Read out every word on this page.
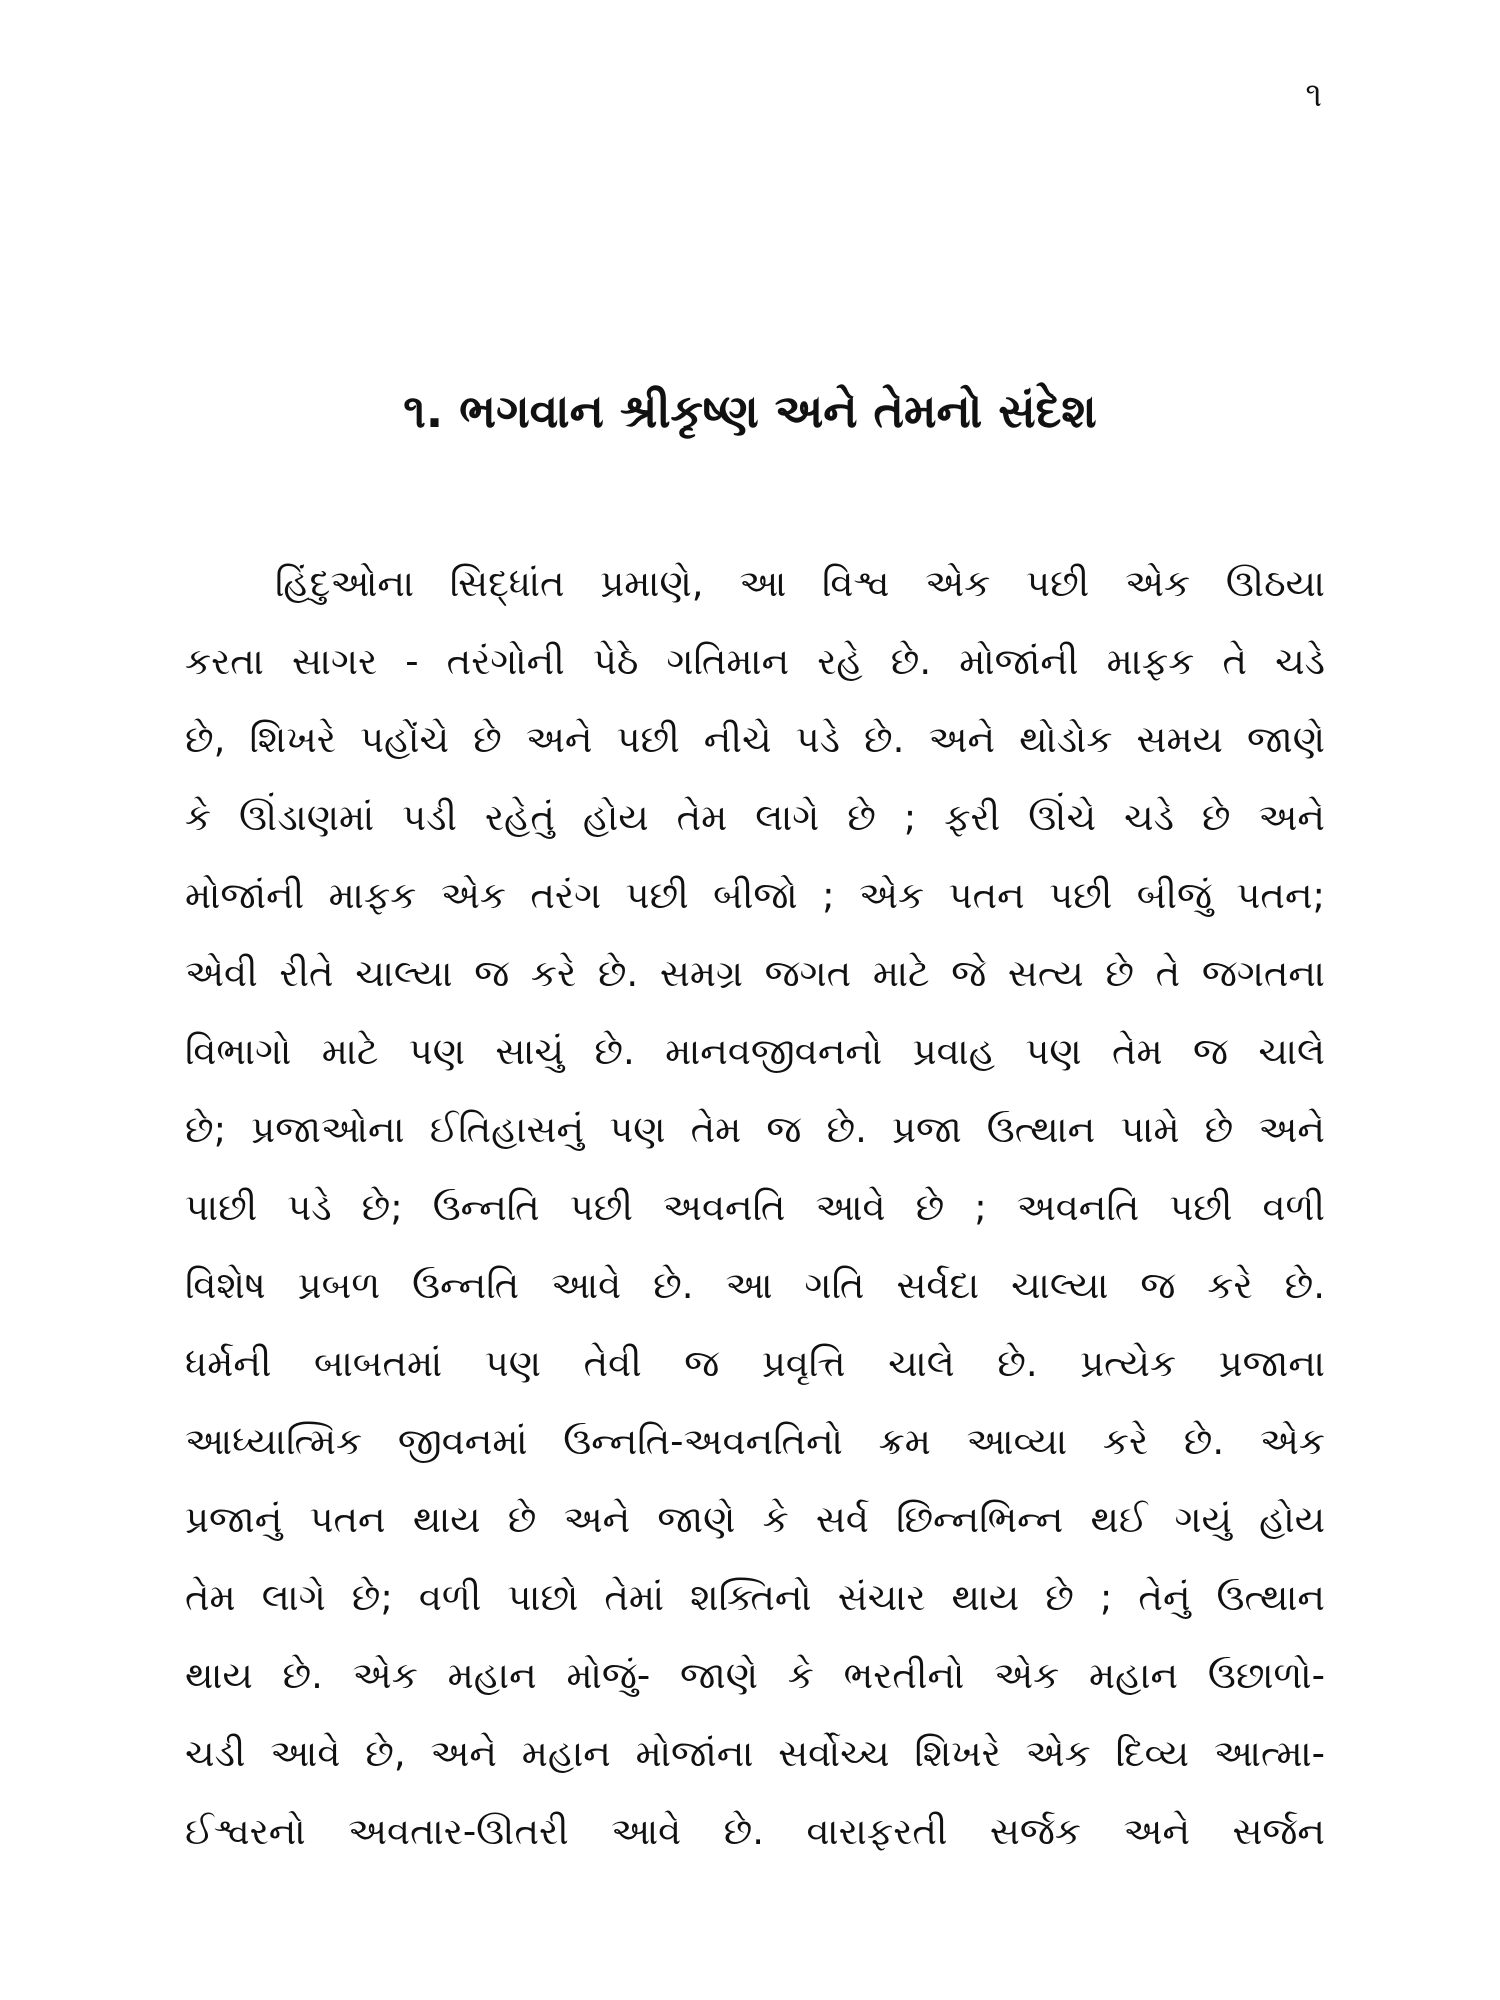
૧
૧. ભગવાન શ્રીકૃષ્ણ અને તેમનો સંદેશ

હિંદુઓના સિદ્ધાંત પ્રમાણે, આ વિશ્વ એક પછી એક ઊઠયા

કરતા સાગર - તરંગોની પેઠે ગતિમાન રહે છે. મોજાંની માફક તે ચડે

છે, શિખરે પહોંચે છે અને પછી નીચે પડે છે. અને થોડોક સમય જાણે

કે ઊંડાણમાં પડી રહેતું હોય તેમ લાગે છે ; ફરી ઊંચે ચડે છે અને

મોજાંની માફક એક તરંગ પછી બીજો ; એક પતન પછી બીજું પતન;

એવી રીતે ચાલ્યા જ કરે છે. સમગ્ર જગત માટે જે સત્ય છે તે જગતના

વિભાગો માટે પણ સાચું છે. માનવજીવનનો પ્રવાહ પણ તેમ જ ચાલે

છે; પ્રજાઓના ઈતિહાસનું પણ તેમ જ છે. પ્રજા ઉત્થાન પામે છે અને

પાછી પડે છે; ઉન્નતિ પછી અવનતિ આવે છે ; અવનતિ પછી વળી

વિશેષ પ્રબળ ઉન્નતિ આવે છે. આ ગતિ સર્વદા ચાલ્યા જ કરે છે.

ધર્મની બાબતમાં પણ તેવી જ પ્રવૃત્તિ ચાલે છે. પ્રત્યેક પ્રજાના

આધ્યાત્મિક જીવનમાં ઉન્નતિ-અવનતિનો ક્રમ આવ્યા કરે છે. એક

પ્રજાનું પતન થાય છે અને જાણે કે સર્વ છિન્નભિન્ન થઈ ગયું હોય

તેમ લાગે છે; વળી પાછો તેમાં શક્તિનો સંચાર થાય છે ; તેનું ઉત્થાન

થાય છે. એક મહાન મોજું- જાણે કે ભરતીનો એક મહાન ઉછાળો-

ચડી આવે છે, અને મહાન મોજાંના સર્વોચ્ચ શિખરે એક દિવ્ય આત્મા-

ઈશ્વરનો અવતાર-ઊતરી આવે છે. વારાફરતી સર્જક અને સર્જન
